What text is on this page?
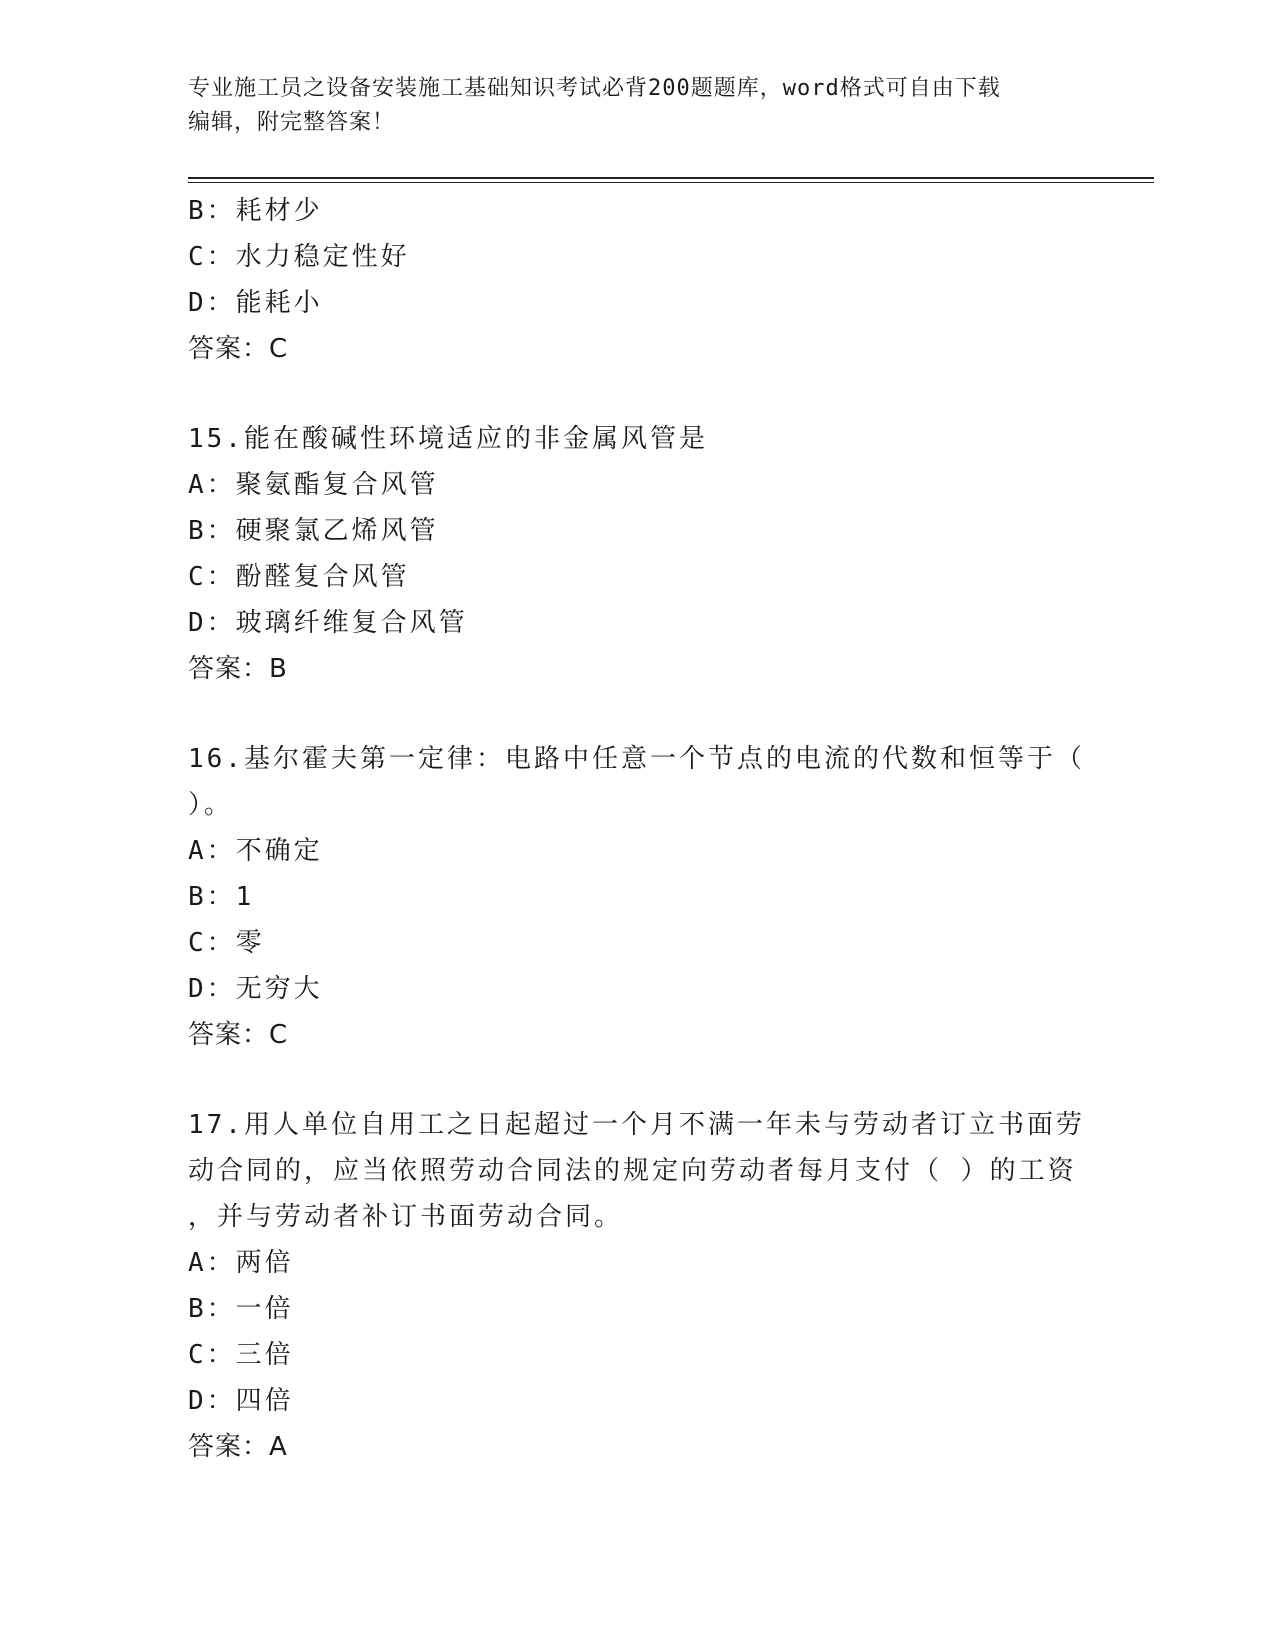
专业施工员之设备安装施工基础知识考试必背200题题库，word格式可自由下载
编辑，附完整答案！
B：耗材少
C：水力稳定性好
D：能耗小
答案：C
15.能在酸碱性环境适应的非金属风管是
A：聚氨酯复合风管
B：硬聚氯乙烯风管
C：酚醛复合风管
D：玻璃纤维复合风管
答案：B
16.基尔霍夫第一定律：电路中任意一个节点的电流的代数和恒等于（
）。
A：不确定
B：1
C：零
D：无穷大
答案：C
17.用人单位自用工之日起超过一个月不满一年未与劳动者订立书面劳
动合同的，应当依照劳动合同法的规定向劳动者每月支付（ ）的工资
，并与劳动者补订书面劳动合同。
A：两倍
B：一倍
C：三倍
D：四倍
答案：A
